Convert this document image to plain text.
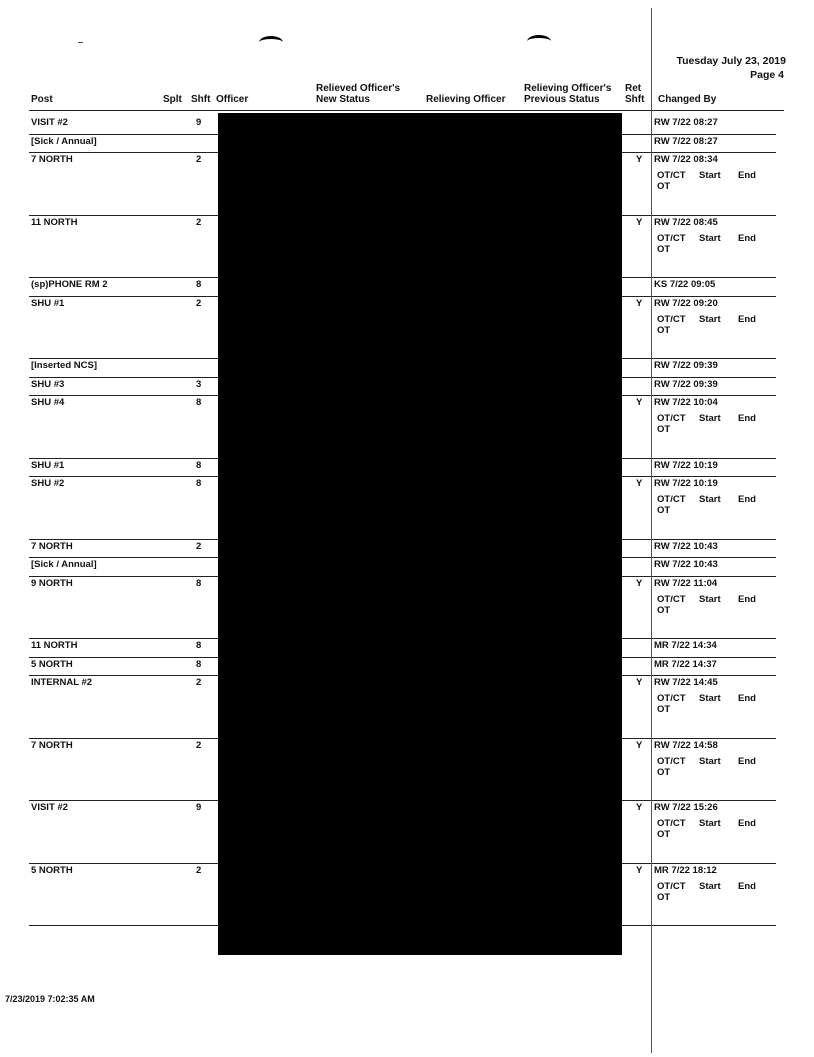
Tuesday July 23, 2019
Page 4
Post	Splt Shft Officer
Relieved Officer's
New Status	Relieving Officer
Relieving Officer's
Previous Status
Ret
Shft Changed By
VISIT #2	9	RW 7/22 08:27
[Sick / Annual]	RW 7/22 08:27
7 NORTH	2	Y RW 7/22 08:34
OT/CT Start End
OT
11 NORTH	2	Y RW 7/22 08:45
OT/CT Start End
OT
(sp)PHONE RM 2	8	KS 7/22 09:05
SHU #1	2	Y RW 7/22 09:20
OT/CT Start End
OT
[Inserted NCS]	RW 7/22 09:39
SHU #3	3	RW 7/22 09:39
SHU #4	8	Y RW 7/22 10:04
OT/CT Start End
OT
SHU #1	8	RW 7/22 10:19
SHU #2	8	Y RW 7/22 10:19
OT/CT Start End
OT
7 NORTH	2	RW 7/22 10:43
[Sick / Annual]	RW 7/22 10:43
9 NORTH	8	Y RW 7/22 11:04
OT/CT Start End
OT
11 NORTH	8	MR 7/22 14:34
5 NORTH	8	MR 7/22 14:37
INTERNAL #2	2	Y RW 7/22 14:45
OT/CT Start End
OT
7 NORTH	2	Y RW 7/22 14:58
OT/CT Start End
OT
VISIT #2	9	Y RW 7/22 15:26
OT/CT Start End
OT
5 NORTH	2	Y MR 7/22 18:12
OT/CT Start End
OT
7/23/2019 7:02:35 AM
